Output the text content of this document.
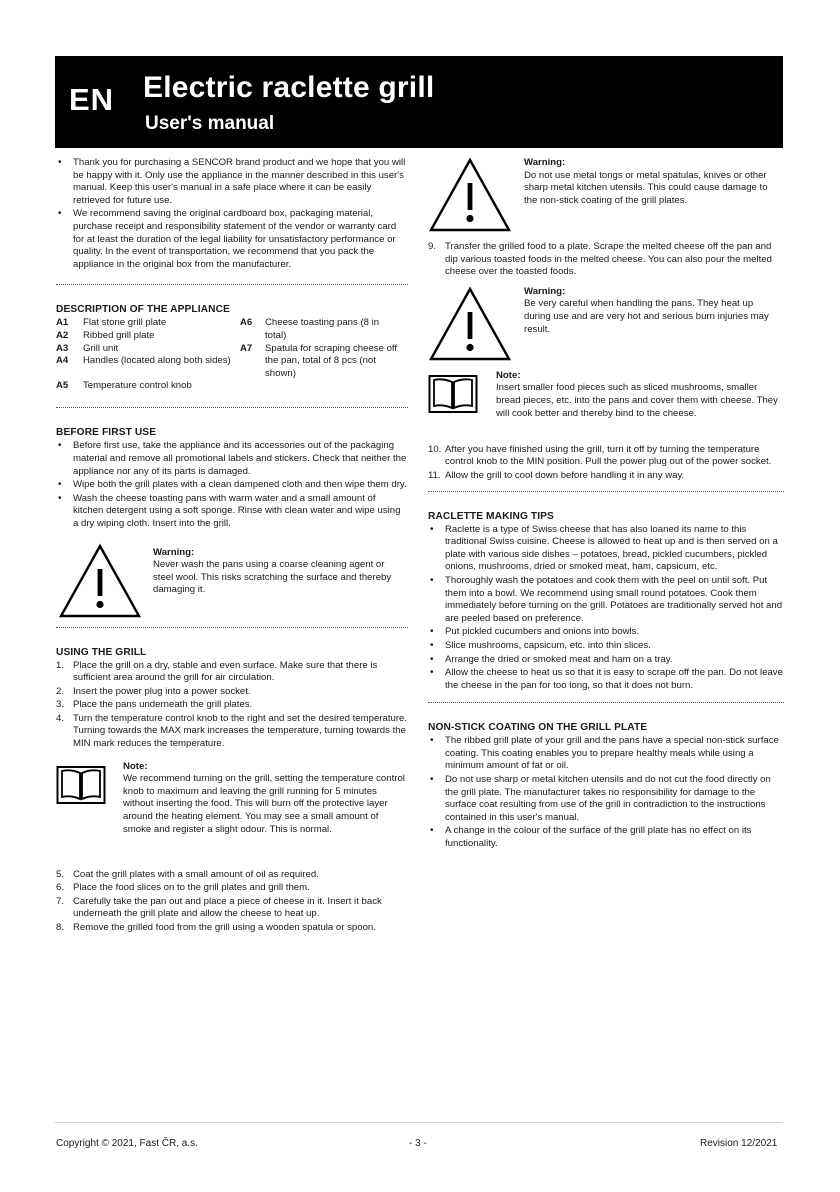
EN Electric raclette grill
User's manual
• Thank you for purchasing a SENCOR brand product and we hope that you will be happy with it. Only use the appliance in the manner described in this user's manual. Keep this user's manual in a safe place where it can be easily retrieved for future use.
• We recommend saving the original cardboard box, packaging material, purchase receipt and responsibility statement of the vendor or warranty card for at least the duration of the legal liability for unsatisfactory performance or quality. In the event of transportation, we recommend that you pack the appliance in the original box from the manufacturer.
DESCRIPTION OF THE APPLIANCE
A1 Flat stone grill plate
A2 Ribbed grill plate
A3 Grill unit
A4 Handles (located along both sides)
A5 Temperature control knob
A6 Cheese toasting pans (8 in total)
A7 Spatula for scraping cheese off the pan, total of 8 pcs (not shown)
BEFORE FIRST USE
• Before first use, take the appliance and its accessories out of the packaging material and remove all promotional labels and stickers. Check that neither the appliance nor any of its parts is damaged.
• Wipe both the grill plates with a clean dampened cloth and then wipe them dry.
• Wash the cheese toasting pans with warm water and a small amount of kitchen detergent using a soft sponge. Rinse with clean water and wipe using a dry wiping cloth. Insert into the grill.
Warning:
Never wash the pans using a coarse cleaning agent or steel wool. This risks scratching the surface and thereby damaging it.
USING THE GRILL
1. Place the grill on a dry, stable and even surface. Make sure that there is sufficient area around the grill for air circulation.
2. Insert the power plug into a power socket.
3. Place the pans underneath the grill plates.
4. Turn the temperature control knob to the right and set the desired temperature. Turning towards the MAX mark increases the temperature, turning towards the MIN mark reduces the temperature.
Note:
We recommend turning on the grill, setting the temperature control knob to maximum and leaving the grill running for 5 minutes without inserting the food. This will burn off the protective layer around the heating element. You may see a small amount of smoke and register a slight odour. This is normal.
5. Coat the grill plates with a small amount of oil as required.
6. Place the food slices on to the grill plates and grill them.
7. Carefully take the pan out and place a piece of cheese in it. Insert it back underneath the grill plate and allow the cheese to heat up.
8. Remove the grilled food from the grill using a wooden spatula or spoon.
Warning:
Do not use metal tongs or metal spatulas, knives or other sharp metal kitchen utensils. This could cause damage to the non-stick coating of the grill plates.
9. Transfer the grilled food to a plate. Scrape the melted cheese off the pan and dip various toasted foods in the melted cheese. You can also pour the melted cheese over the toasted foods.
Warning:
Be very careful when handling the pans. They heat up during use and are very hot and serious burn injuries may result.
Note:
Insert smaller food pieces such as sliced mushrooms, smaller bread pieces, etc. into the pans and cover them with cheese. They will cook better and thereby bind to the cheese.
10. After you have finished using the grill, turn it off by turning the temperature control knob to the MIN position. Pull the power plug out of the power socket.
11. Allow the grill to cool down before handling it in any way.
RACLETTE MAKING TIPS
• Raclette is a type of Swiss cheese that has also loaned its name to this traditional Swiss cuisine. Cheese is allowed to heat up and is then served on a plate with various side dishes – potatoes, bread, pickled cucumbers, pickled onions, mushrooms, dried or smoked meat, ham, capsicum, etc.
• Thoroughly wash the potatoes and cook them with the peel on until soft. Put them into a bowl. We recommend using small round potatoes. Cook them immediately before turning on the grill. Potatoes are traditionally served hot and are peeled based on preference.
• Put pickled cucumbers and onions into bowls.
• Slice mushrooms, capsicum, etc. into thin slices.
• Arrange the dried or smoked meat and ham on a tray.
• Allow the cheese to heat us so that it is easy to scrape off the pan. Do not leave the cheese in the pan for too long, so that it does not burn.
NON-STICK COATING ON THE GRILL PLATE
• The ribbed grill plate of your grill and the pans have a special non-stick surface coating. This coating enables you to prepare healthy meals while using a minimum amount of fat or oil.
• Do not use sharp or metal kitchen utensils and do not cut the food directly on the grill plate. The manufacturer takes no responsibility for damage to the surface coat resulting from use of the grill in contradiction to the instructions contained in this user's manual.
• A change in the colour of the surface of the grill plate has no effect on its functionality.
Copyright © 2021, Fast ČR, a.s.	- 3 -	Revision 12/2021
